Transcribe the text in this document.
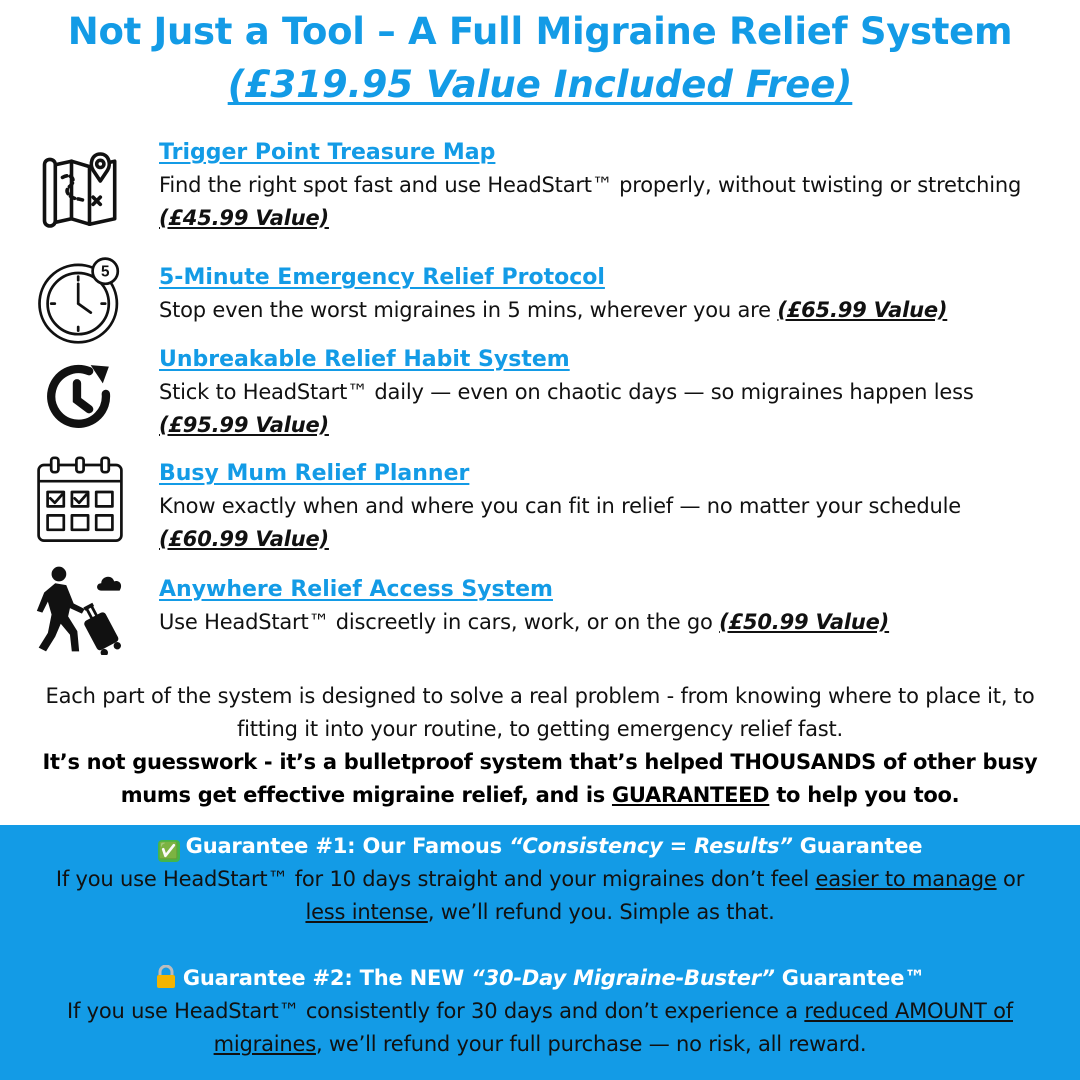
Not Just a Tool – A Full Migraine Relief System
(£319.95 Value Included Free)
Trigger Point Treasure Map
Find the right spot fast and use HeadStart™ properly, without twisting or stretching (£45.99 Value)
5 5-Minute Emergency Relief Protocol
Stop even the worst migraines in 5 mins, wherever you are (£65.99 Value)
Unbreakable Relief Habit System
Stick to HeadStart™ daily — even on chaotic days — so migraines happen less (£95.99 Value)
Busy Mum Relief Planner
Know exactly when and where you can fit in relief — no matter your schedule (£60.99 Value)
Anywhere Relief Access System
Use HeadStart™ discreetly in cars, work, or on the go (£50.99 Value)
Each part of the system is designed to solve a real problem - from knowing where to place it, to fitting it into your routine, to getting emergency relief fast.
It’s not guesswork - it’s a bulletproof system that’s helped THOUSANDS of other busy mums get effective migraine relief, and is GUARANTEED to help you too.
✅ Guarantee #1: Our Famous “Consistency = Results” Guarantee
If you use HeadStart™ for 10 days straight and your migraines don’t feel easier to manage or less intense, we’ll refund you. Simple as that.
Guarantee #2: The NEW “30-Day Migraine-Buster” Guarantee™
If you use HeadStart™ consistently for 30 days and don’t experience a reduced AMOUNT of migraines, we’ll refund your full purchase — no risk, all reward.
